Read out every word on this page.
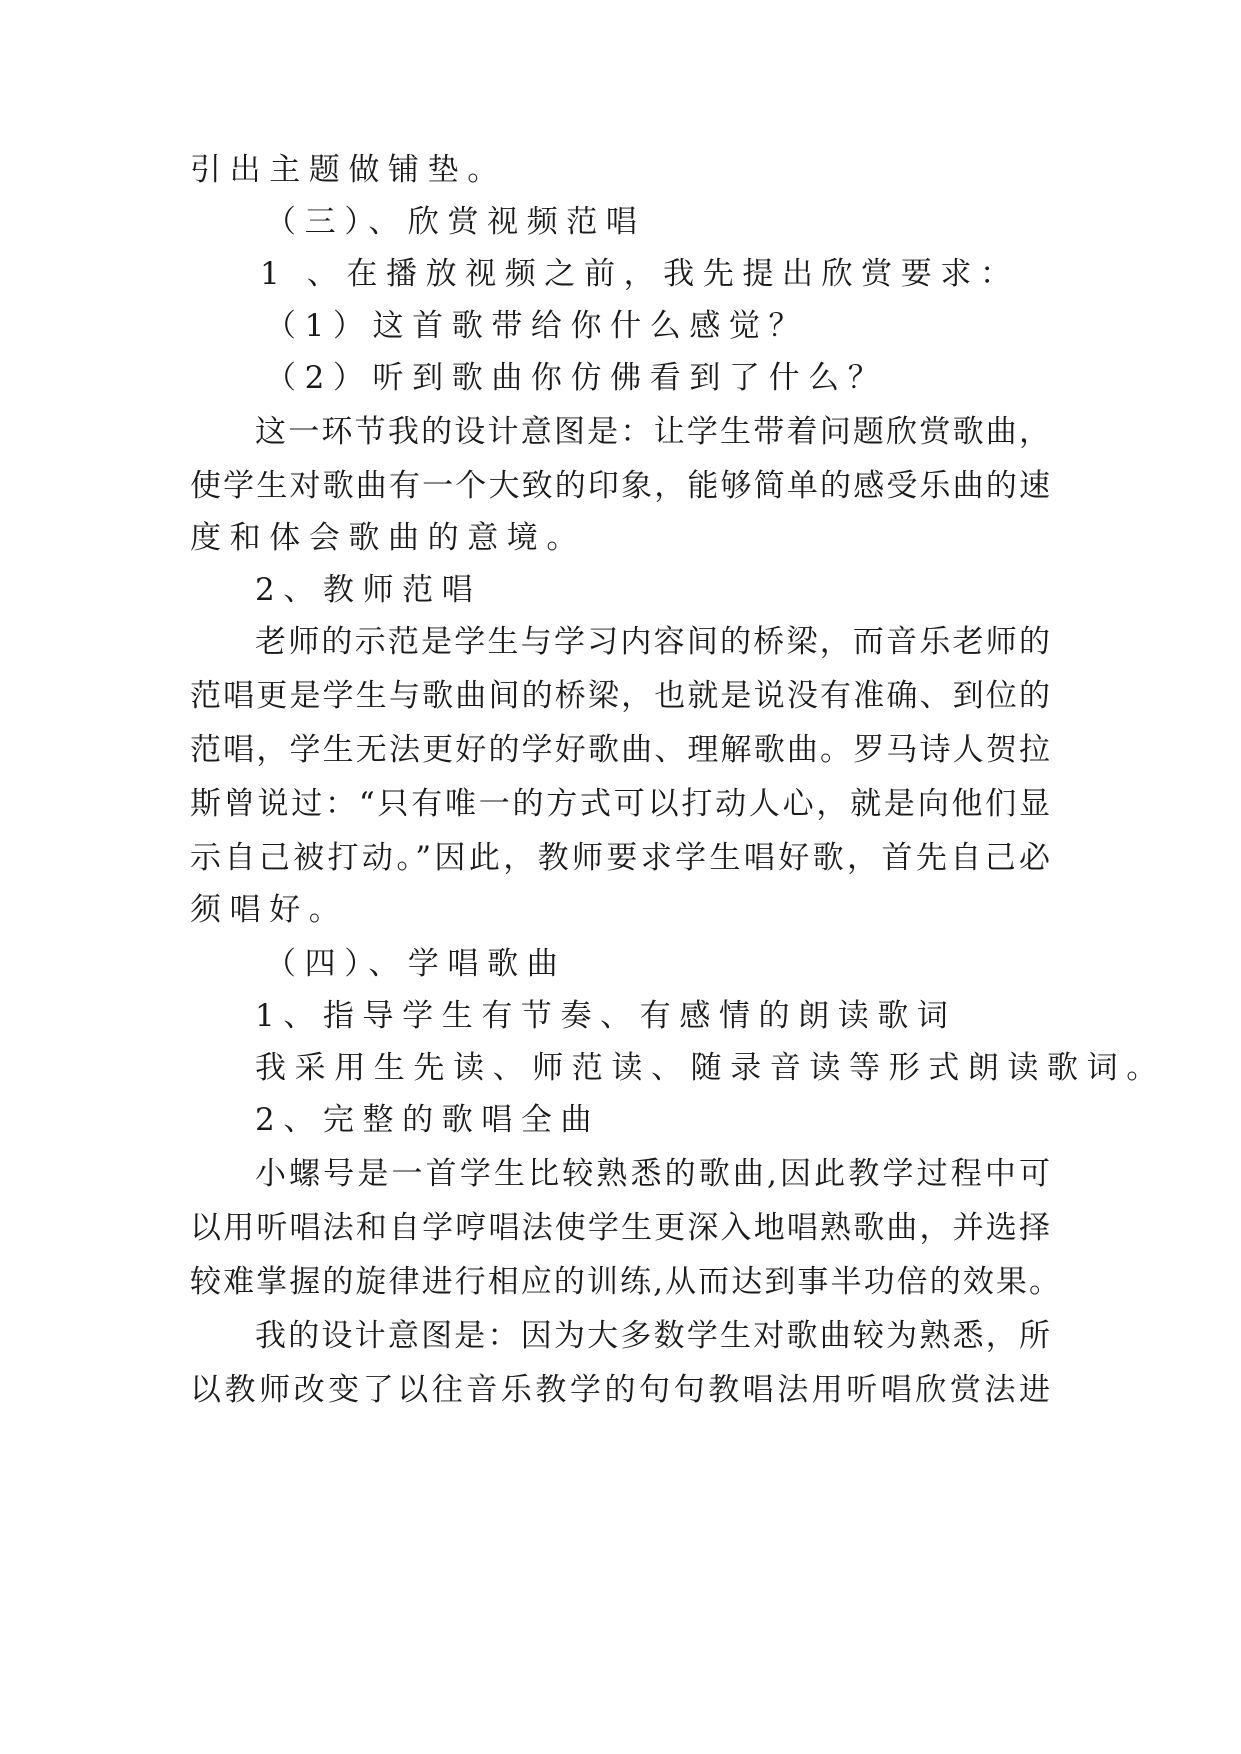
引出主题做铺垫。
（三）、欣赏视频范唱
1 、在播放视频之前，我先提出欣赏要求：
（1）这首歌带给你什么感觉？
（2）听到歌曲你仿佛看到了什么？
这一环节我的设计意图是：让学生带着问题欣赏歌曲，
使学生对歌曲有一个大致的印象，能够简单的感受乐曲的速
度和体会歌曲的意境。
2、教师范唱
老师的示范是学生与学习内容间的桥梁，而音乐老师的
范唱更是学生与歌曲间的桥梁，也就是说没有准确、到位的
范唱，学生无法更好的学好歌曲、理解歌曲。罗马诗人贺拉
斯曾说过：“只有唯一的方式可以打动人心，就是向他们显
示自己被打动。”因此，教师要求学生唱好歌，首先自己必
须唱好。
（四）、学唱歌曲
1、指导学生有节奏、有感情的朗读歌词
我采用生先读、师范读、随录音读等形式朗读歌词。
2、完整的歌唱全曲
小螺号是一首学生比较熟悉的歌曲,因此教学过程中可
以用听唱法和自学哼唱法使学生更深入地唱熟歌曲，并选择
较难掌握的旋律进行相应的训练,从而达到事半功倍的效果。
我的设计意图是：因为大多数学生对歌曲较为熟悉，所
以教师改变了以往音乐教学的句句教唱法用听唱欣赏法进
